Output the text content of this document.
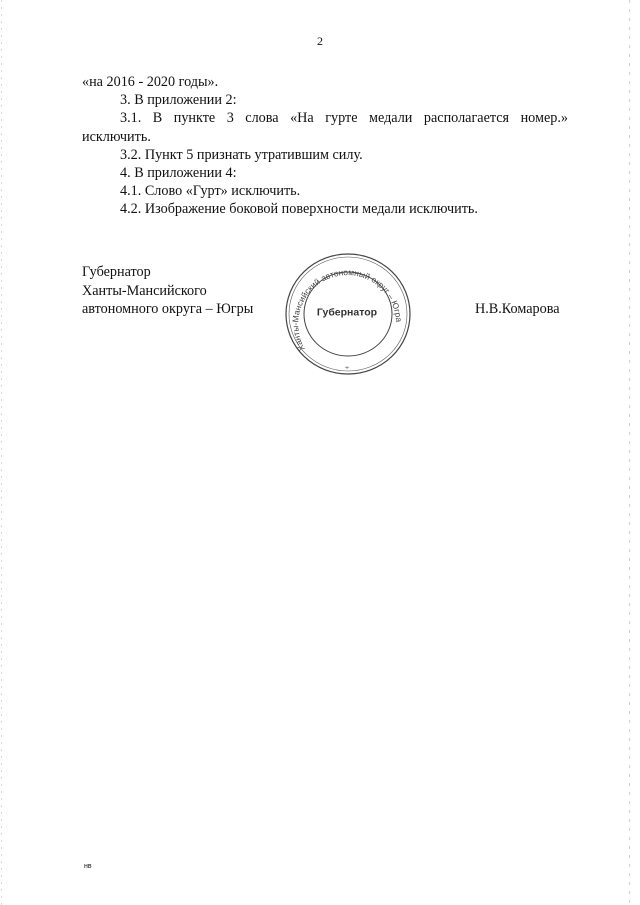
2

«на 2016 - 2020 годы».

3. В приложении 2:

3.1. В пункте 3 слова «На гурте медали располагается номер.»

исключить.

3.2. Пункт 5 признать утратившим силу.

4. В приложении 4:

4.1. Слово «Гурт» исключить.

4.2. Изображение боковой поверхности медали исключить.

Губернатор
Ханты-Мансийского
автономного округа – Югры
Ханты-Мансийский автономный округ – Югра
Губернатор	Н.В.Комарова
нв
